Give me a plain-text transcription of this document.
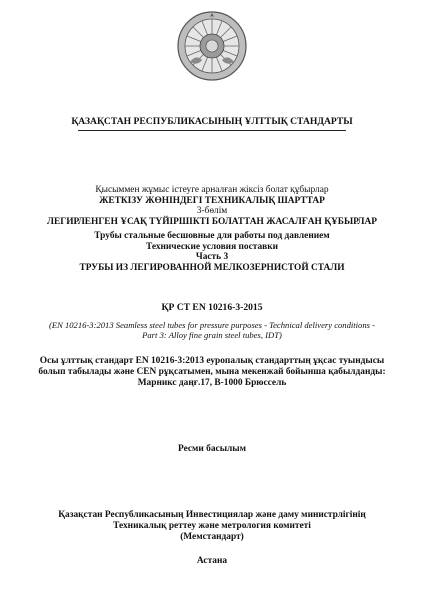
ҚАЗАҚСТАН РЕСПУБЛИКАСЫНЫҢ ҰЛТТЫҚ СТАНДАРТЫ
Қысыммен жұмыс істеуге арналған жіксіз болат құбырлар
ЖЕТКІЗУ ЖӨНІНДЕГІ ТЕХНИКАЛЫҚ ШАРТТАР
3-бөлім
ЛЕГИРЛЕНГЕН ҰСАҚ ТҮЙІРШІКТІ БОЛАТТАН ЖАСАЛҒАН ҚҰБЫРЛАР
Трубы стальные бесшовные для работы под давлением
Технические условия поставки
Часть 3
ТРУБЫ ИЗ ЛЕГИРОВАННОЙ МЕЛКОЗЕРНИСТОЙ СТАЛИ
ҚР СТ EN 10216-3-2015
(EN 10216-3:2013 Seamless steel tubes for pressure purposes - Technical delivery conditions -
Part 3: Alloy fine grain steel tubes, IDT)
Осы ұлттық стандарт EN 10216-3:2013 еуропалық стандарттың ұқсас туындысы
болып табылады және CEN рұқсатымен, мына мекенжай бойынша қабылданды:
Марникс даңғ.17, В-1000 Брюссель
Ресми басылым
Қазақстан Республикасының Инвестициялар және даму министрлігінің
Техникалық реттеу және метрология комитеті
(Мемстандарт)
Астана
